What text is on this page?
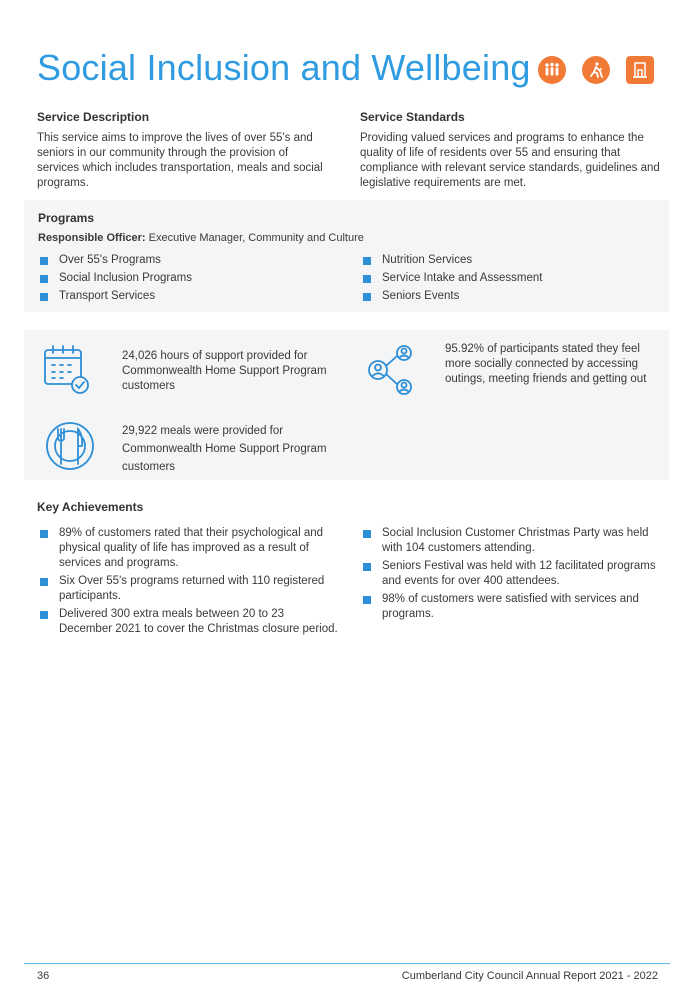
Social Inclusion and Wellbeing
Service Description
This service aims to improve the lives of over 55's and seniors in our community through the provision of services which includes transportation, meals and social programs.
Service Standards
Providing valued services and programs to enhance the quality of life of residents over 55 and ensuring that compliance with relevant service standards, guidelines and legislative requirements are met.
Programs
Responsible Officer: Executive Manager, Community and Culture
Over 55's Programs
Social Inclusion Programs
Transport Services
Nutrition Services
Service Intake and Assessment
Seniors Events
24,026 hours of support provided for Commonwealth Home Support Program customers
29,922 meals were provided for Commonwealth Home Support Program customers
95.92% of participants stated they feel more socially connected by accessing outings, meeting friends and getting out
Key Achievements
89% of customers rated that their psychological and physical quality of life has improved as a result of services and programs.
Six Over 55's programs returned with 110 registered participants.
Delivered 300 extra meals between 20 to 23 December 2021 to cover the Christmas closure period.
Social Inclusion Customer Christmas Party was held with 104 customers attending.
Seniors Festival was held with 12 facilitated programs and events for over 400 attendees.
98% of customers were satisfied with services and programs.
36	Cumberland City Council Annual Report 2021 - 2022
